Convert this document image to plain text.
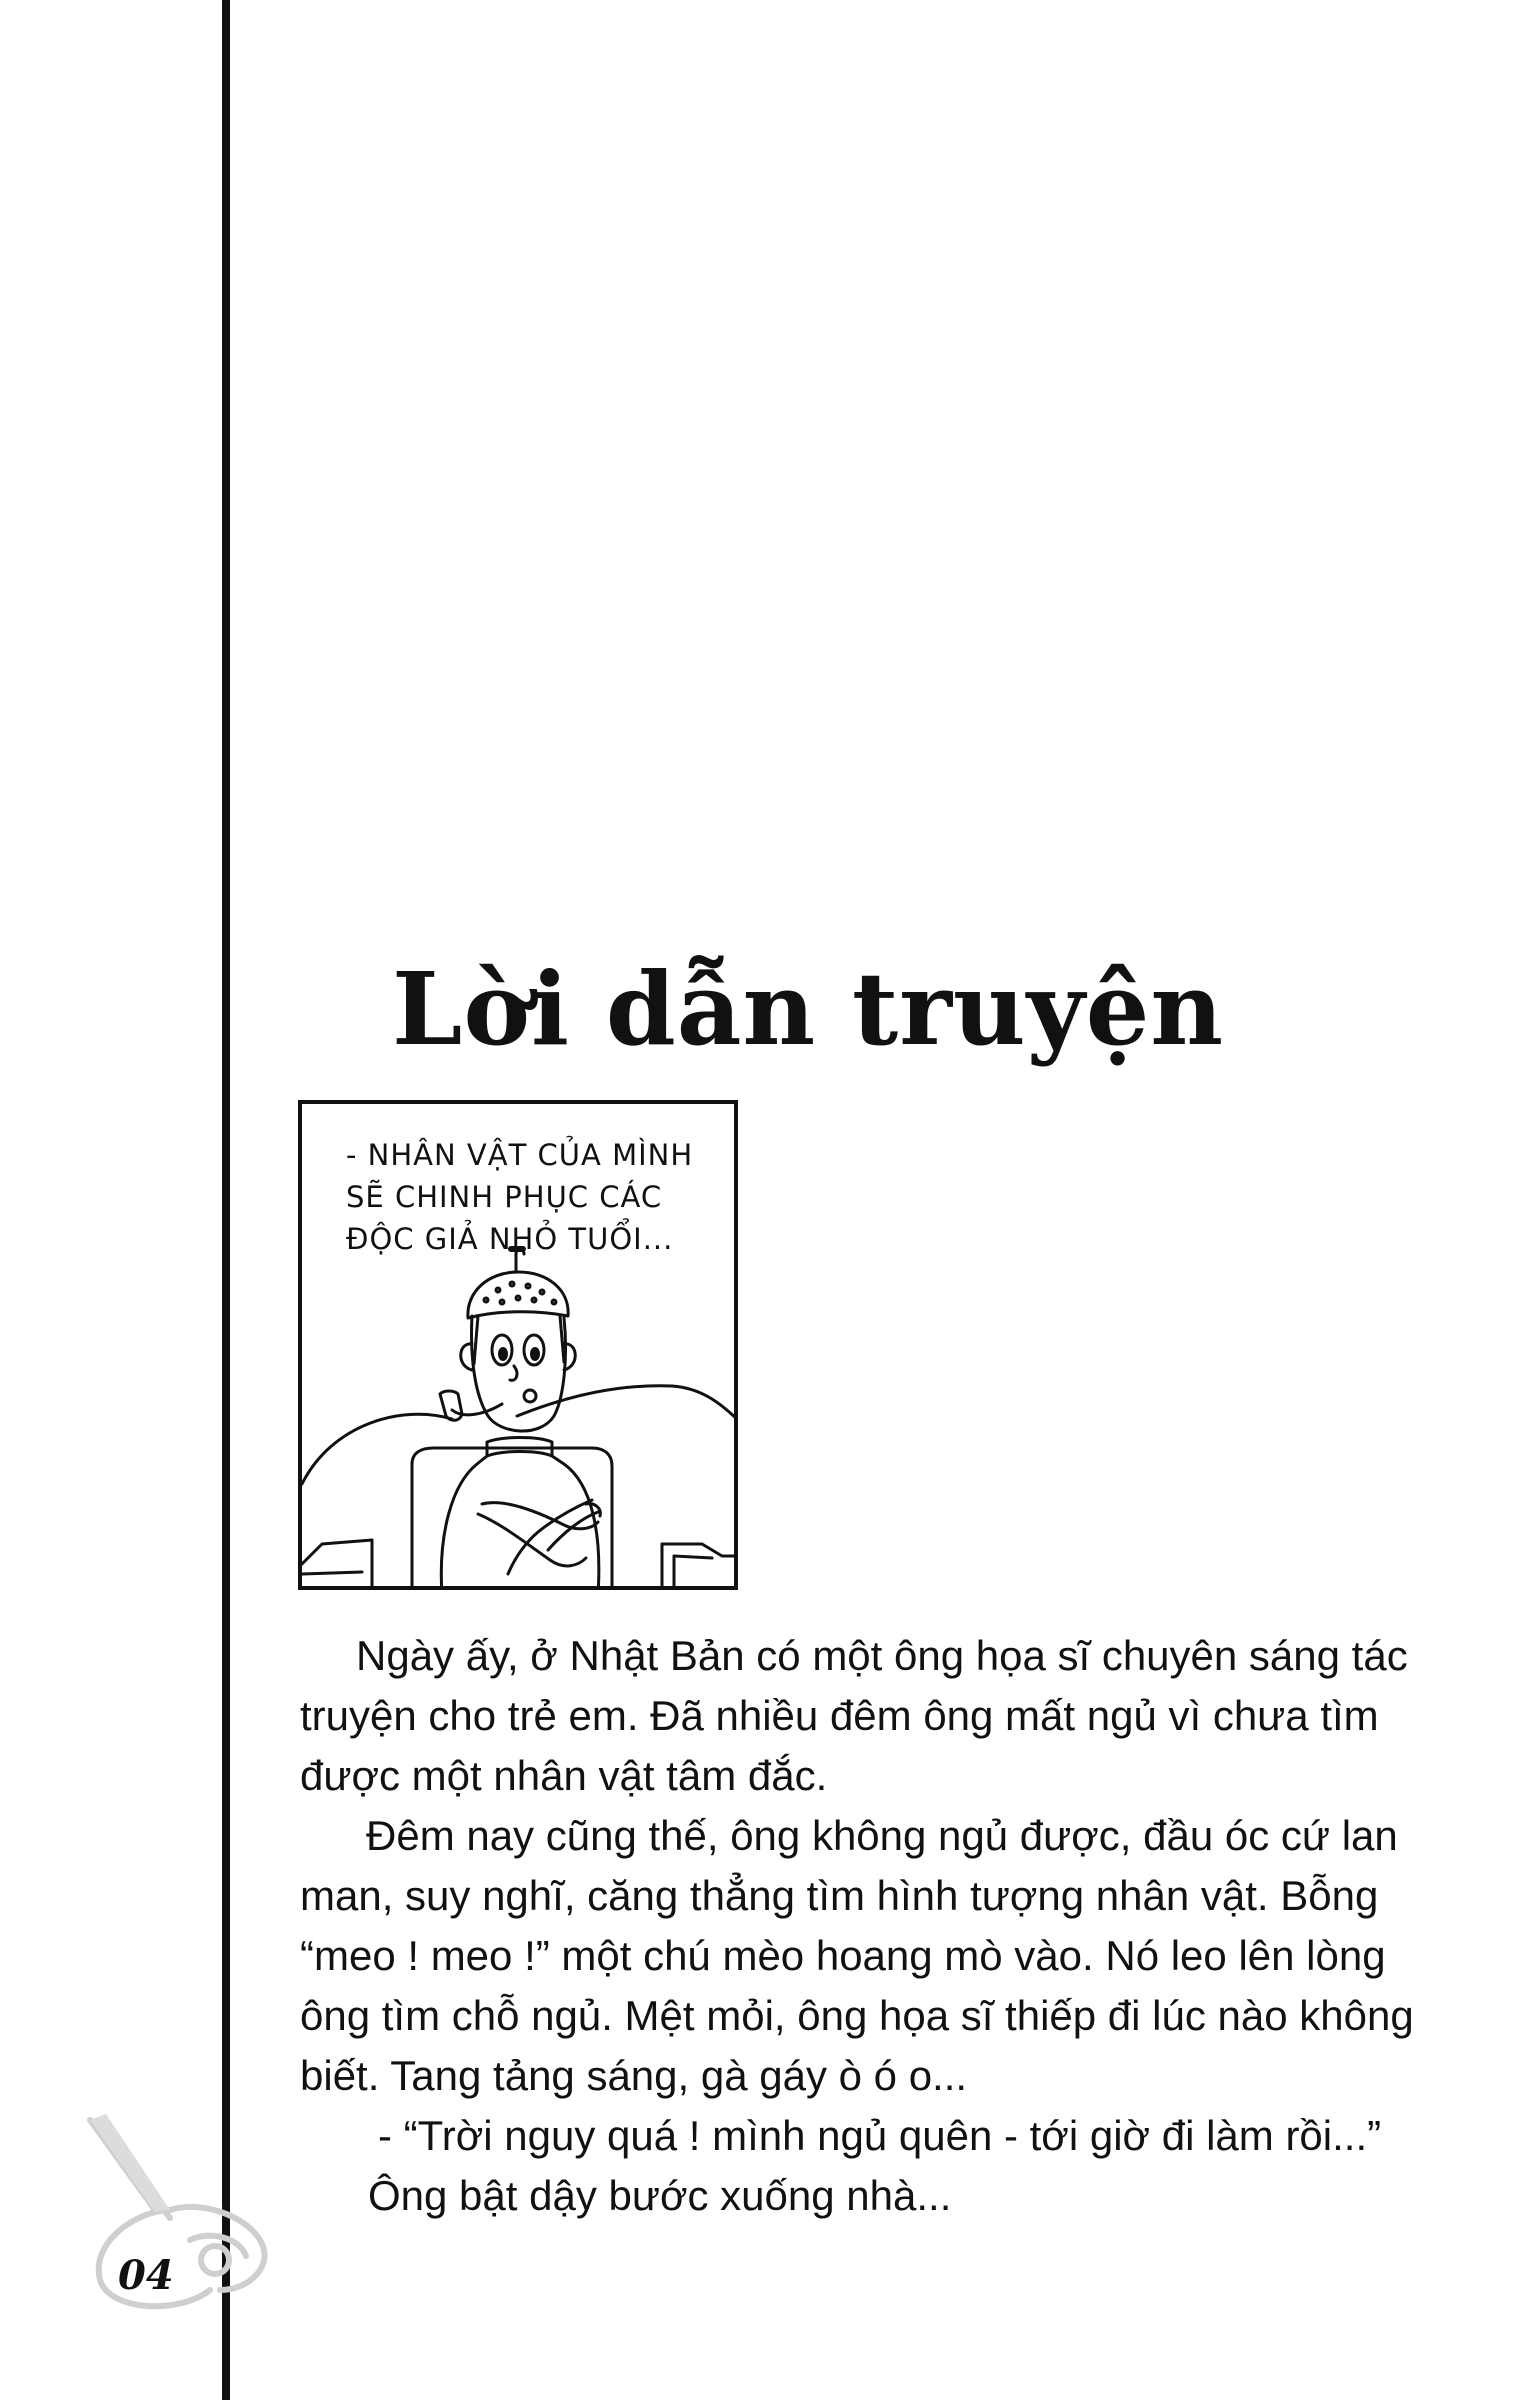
Lời dẫn truyện
- NHÂN VẬT CỦA MÌNH
SẼ CHINH PHỤC CÁC
ĐỘC GIẢ NHỎ TUỔI...

Ngày ấy, ở Nhật Bản có một ông họa sĩ chuyên sáng tác truyện cho trẻ em. Đã nhiều đêm ông mất ngủ vì chưa tìm được một nhân vật tâm đắc.

Đêm nay cũng thế, ông không ngủ được, đầu óc cứ lan man, suy nghĩ, căng thẳng tìm hình tượng nhân vật. Bỗng “meo ! meo !” một chú mèo hoang mò vào. Nó leo lên lòng ông tìm chỗ ngủ. Mệt mỏi, ông họa sĩ thiếp đi lúc nào không biết. Tang tảng sáng, gà gáy ò ó o...

- “Trời nguy quá ! mình ngủ quên - tới giờ đi làm rồi...”

Ông bật dậy bước xuống nhà...

04
